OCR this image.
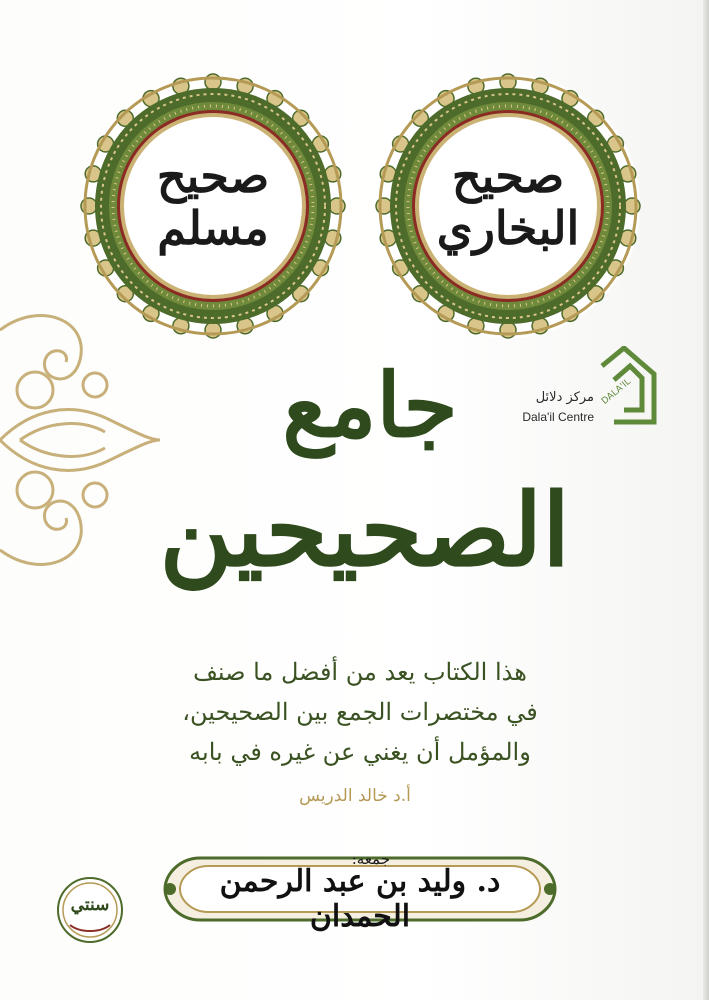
صحيح مسلم
صحيح البخاري
DALA'IL
مركز دلائل
Dala'il Centre
جامع
الصحيحين
هذا الكتاب يعد من أفضل ما صنف
في مختصرات الجمع بين الصحيحين،
والمؤمل أن يغني عن غيره في بابه
أ.د خالد الدريس
د. وليد بن عبد الرحمن الحمدان
جمعه:
سنتي
